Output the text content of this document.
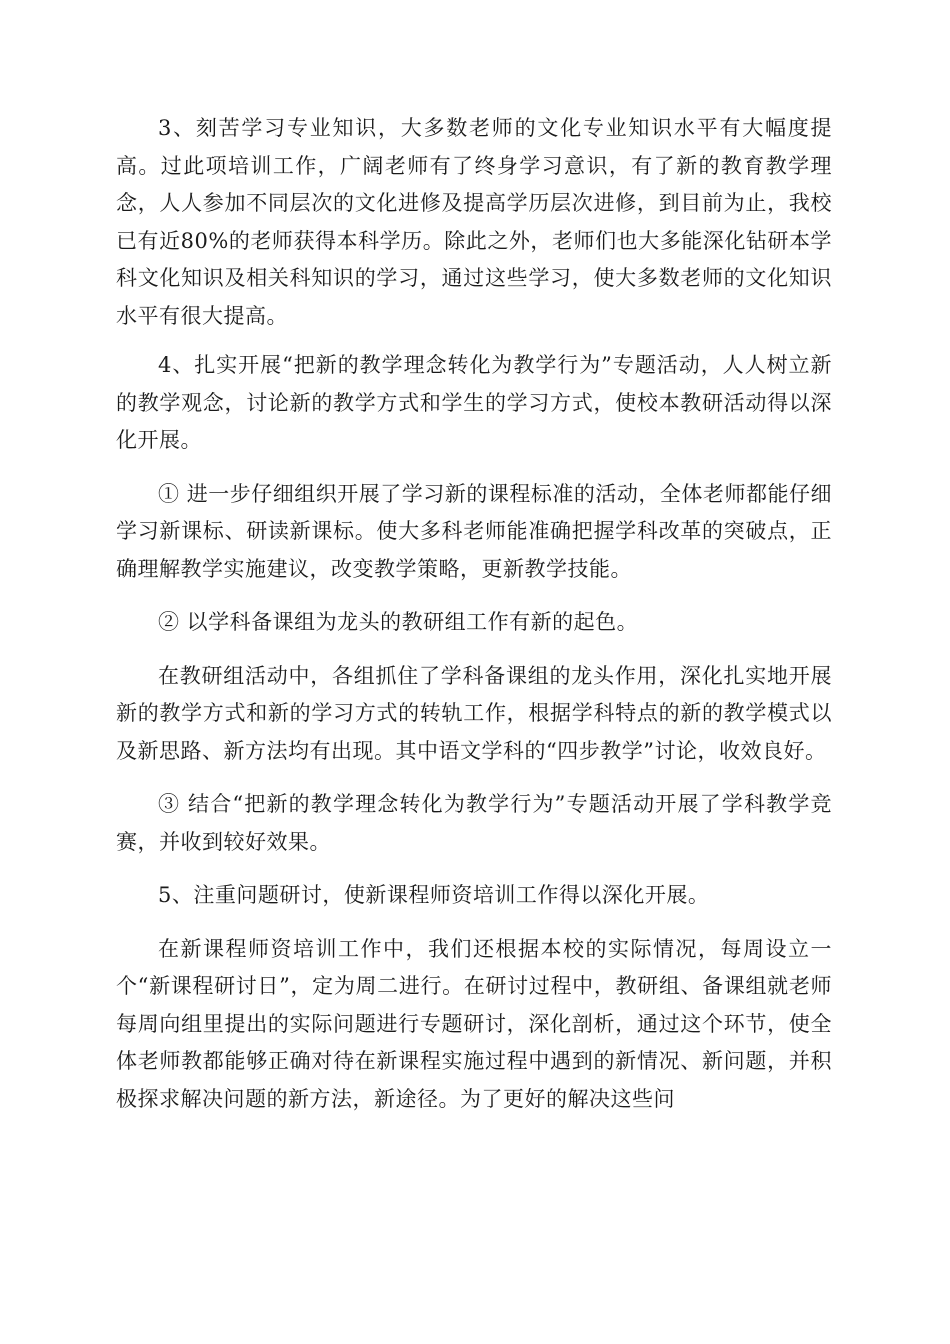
3、刻苦学习专业知识，大多数老师的文化专业知识水平有大幅度提高。过此项培训工作，广阔老师有了终身学习意识，有了新的教育教学理念，人人参加不同层次的文化进修及提高学历层次进修，到目前为止，我校已有近80%的老师获得本科学历。除此之外，老师们也大多能深化钻研本学科文化知识及相关科知识的学习，通过这些学习，使大多数老师的文化知识水平有很大提高。

4、扎实开展“把新的教学理念转化为教学行为”专题活动，人人树立新的教学观念，讨论新的教学方式和学生的学习方式，使校本教研活动得以深化开展。

① 进一步仔细组织开展了学习新的课程标准的活动，全体老师都能仔细学习新课标、研读新课标。使大多科老师能准确把握学科改革的突破点，正确理解教学实施建议，改变教学策略，更新教学技能。

② 以学科备课组为龙头的教研组工作有新的起色。

在教研组活动中，各组抓住了学科备课组的龙头作用，深化扎实地开展新的教学方式和新的学习方式的转轨工作，根据学科特点的新的教学模式以及新思路、新方法均有出现。其中语文学科的“四步教学”讨论，收效良好。

③ 结合“把新的教学理念转化为教学行为”专题活动开展了学科教学竞赛，并收到较好效果。

5、注重问题研讨，使新课程师资培训工作得以深化开展。

在新课程师资培训工作中，我们还根据本校的实际情况，每周设立一个“新课程研讨日”，定为周二进行。在研讨过程中，教研组、备课组就老师每周向组里提出的实际问题进行专题研讨，深化剖析，通过这个环节，使全体老师教都能够正确对待在新课程实施过程中遇到的新情况、新问题，并积极探求解决问题的新方法，新途径。为了更好的解决这些问
